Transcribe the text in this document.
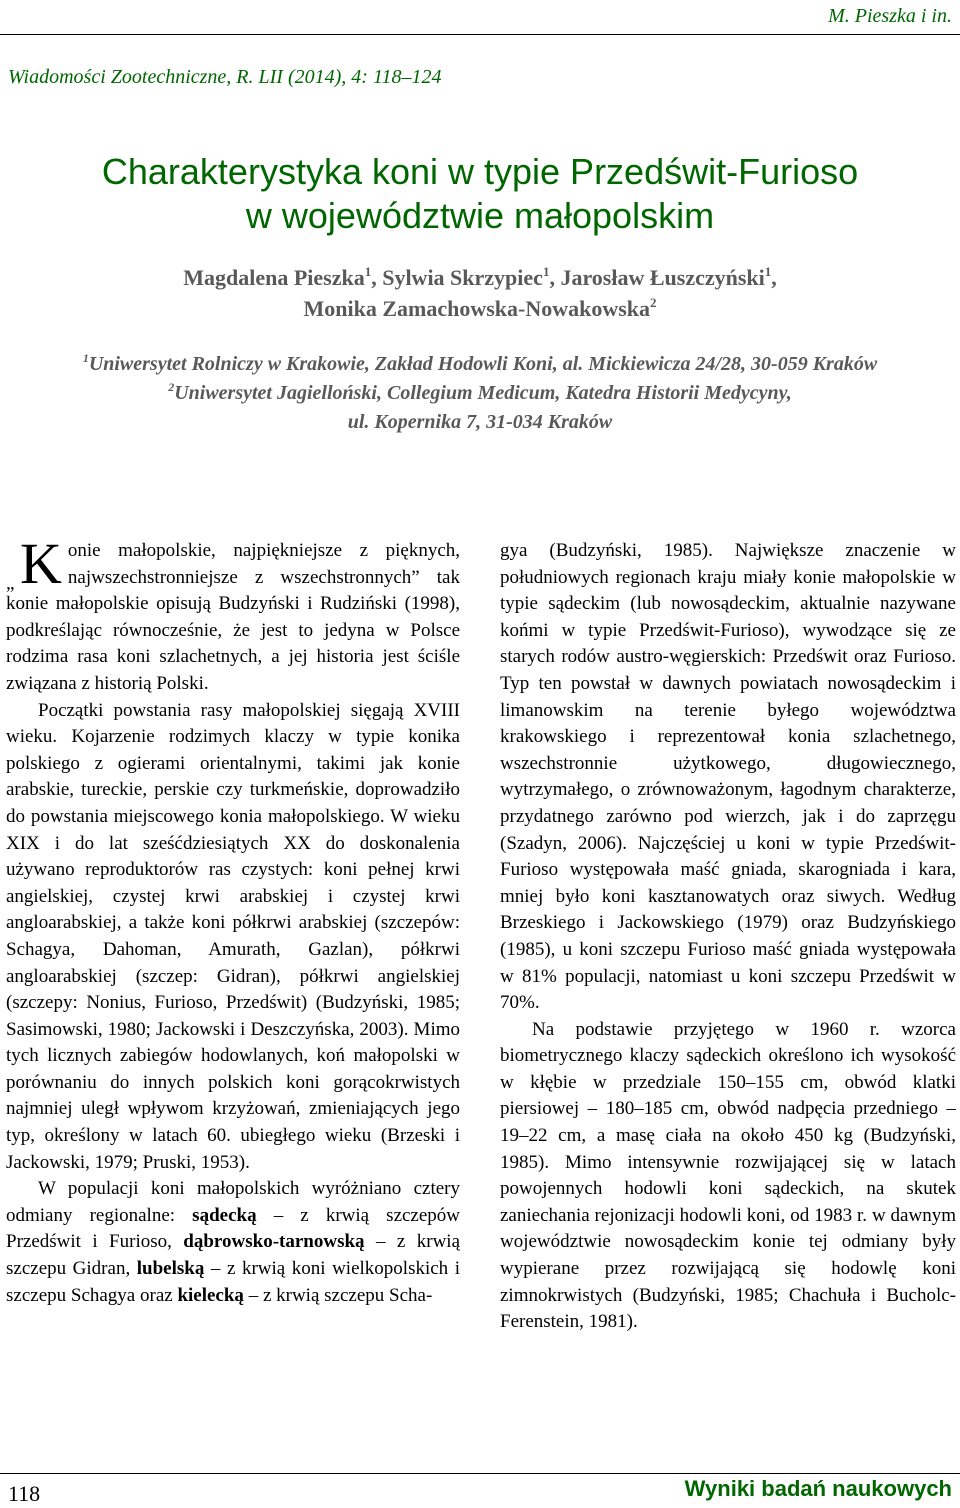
M. Pieszka i in.
Wiadomości Zootechniczne, R. LII (2014), 4: 118–124
Charakterystyka koni w typie Przedświt-Furioso
w województwie małopolskim
Magdalena Pieszka$^1$, Sylwia Skrzypiec$^1$, Jarosław Łuszczyński$^1$,
Monika Zamachowska-Nowakowska$^2$
$^1$Uniwersytet Rolniczy w Krakowie, Zakład Hodowli Koni, al. Mickiewicza 24/28, 30-059 Kraków
$^2$Uniwersytet Jagielloński, Collegium Medicum, Katedra Historii Medycyny,
ul. Kopernika 7, 31-034 Kraków
„ K onie małopolskie, najpiękniejsze z pięknych, najwszechstronniejsze z wszechstronnych” tak konie małopolskie opisują Budzyński i Rudziński (1998), podkreślając równocześnie, że jest to jedyna w Polsce rodzima rasa koni szlachetnych, a jej historia jest ściśle związana z historią Polski.

Początki powstania rasy małopolskiej sięgają XVIII wieku. Kojarzenie rodzimych klaczy w typie konika polskiego z ogierami orientalnymi, takimi jak konie arabskie, tureckie, perskie czy turkmeńskie, doprowadziło do powstania miejscowego konia małopolskiego. W wieku XIX i do lat sześćdziesiątych XX do doskonalenia używano reproduktorów ras czystych: koni pełnej krwi angielskiej, czystej krwi arabskiej i czystej krwi angloarabskiej, a także koni półkrwi arabskiej (szczepów: Schagya, Dahoman, Amurath, Gazlan), półkrwi angloarabskiej (szczep: Gidran), półkrwi angielskiej (szczepy: Nonius, Furioso, Przedświt) (Budzyński, 1985; Sasimowski, 1980; Jackowski i Deszczyńska, 2003). Mimo tych licznych zabiegów hodowlanych, koń małopolski w porównaniu do innych polskich koni gorącokrwistych najmniej uległ wpływom krzyżowań, zmieniających jego typ, określony w latach 60. ubiegłego wieku (Brzeski i Jackowski, 1979; Pruski, 1953).

W populacji koni małopolskich wyróżniano cztery odmiany regionalne: sądecką – z krwią szczepów Przedświt i Furioso, dąbrowsko-tarnowską – z krwią szczepu Gidran, lubelską – z krwią koni wielkopolskich i szczepu Schagya oraz kielecką – z krwią szczepu Scha-

gya (Budzyński, 1985). Największe znaczenie w południowych regionach kraju miały konie małopolskie w typie sądeckim (lub nowosądeckim, aktualnie nazywane końmi w typie Przedświt-Furioso), wywodzące się ze starych rodów austro-węgierskich: Przedświt oraz Furioso. Typ ten powstał w dawnych powiatach nowosądeckim i limanowskim na terenie byłego województwa krakowskiego i reprezentował konia szlachetnego, wszechstronnie użytkowego, długowiecznego, wytrzymałego, o zrównoważonym, łagodnym charakterze, przydatnego zarówno pod wierzch, jak i do zaprzęgu (Szadyn, 2006). Najczęściej u koni w typie Przedświt-Furioso występowała maść gniada, skarogniada i kara, mniej było koni kasztanowatych oraz siwych. Według Brzeskiego i Jackowskiego (1979) oraz Budzyńskiego (1985), u koni szczepu Furioso maść gniada występowała w 81% populacji, natomiast u koni szczepu Przedświt w 70%.

Na podstawie przyjętego w 1960 r. wzorca biometrycznego klaczy sądeckich określono ich wysokość w kłębie w przedziale 150–155 cm, obwód klatki piersiowej – 180–185 cm, obwód nadpęcia przedniego – 19–22 cm, a masę ciała na około 450 kg (Budzyński, 1985). Mimo intensywnie rozwijającej się w latach powojennych hodowli koni sądeckich, na skutek zaniechania rejonizacji hodowli koni, od 1983 r. w dawnym województwie nowosądeckim konie tej odmiany były wypierane przez rozwijającą się hodowlę koni zimnokrwistych (Budzyński, 1985; Chachuła i Bucholc-Ferenstein, 1981).

118	Wyniki badań naukowych
